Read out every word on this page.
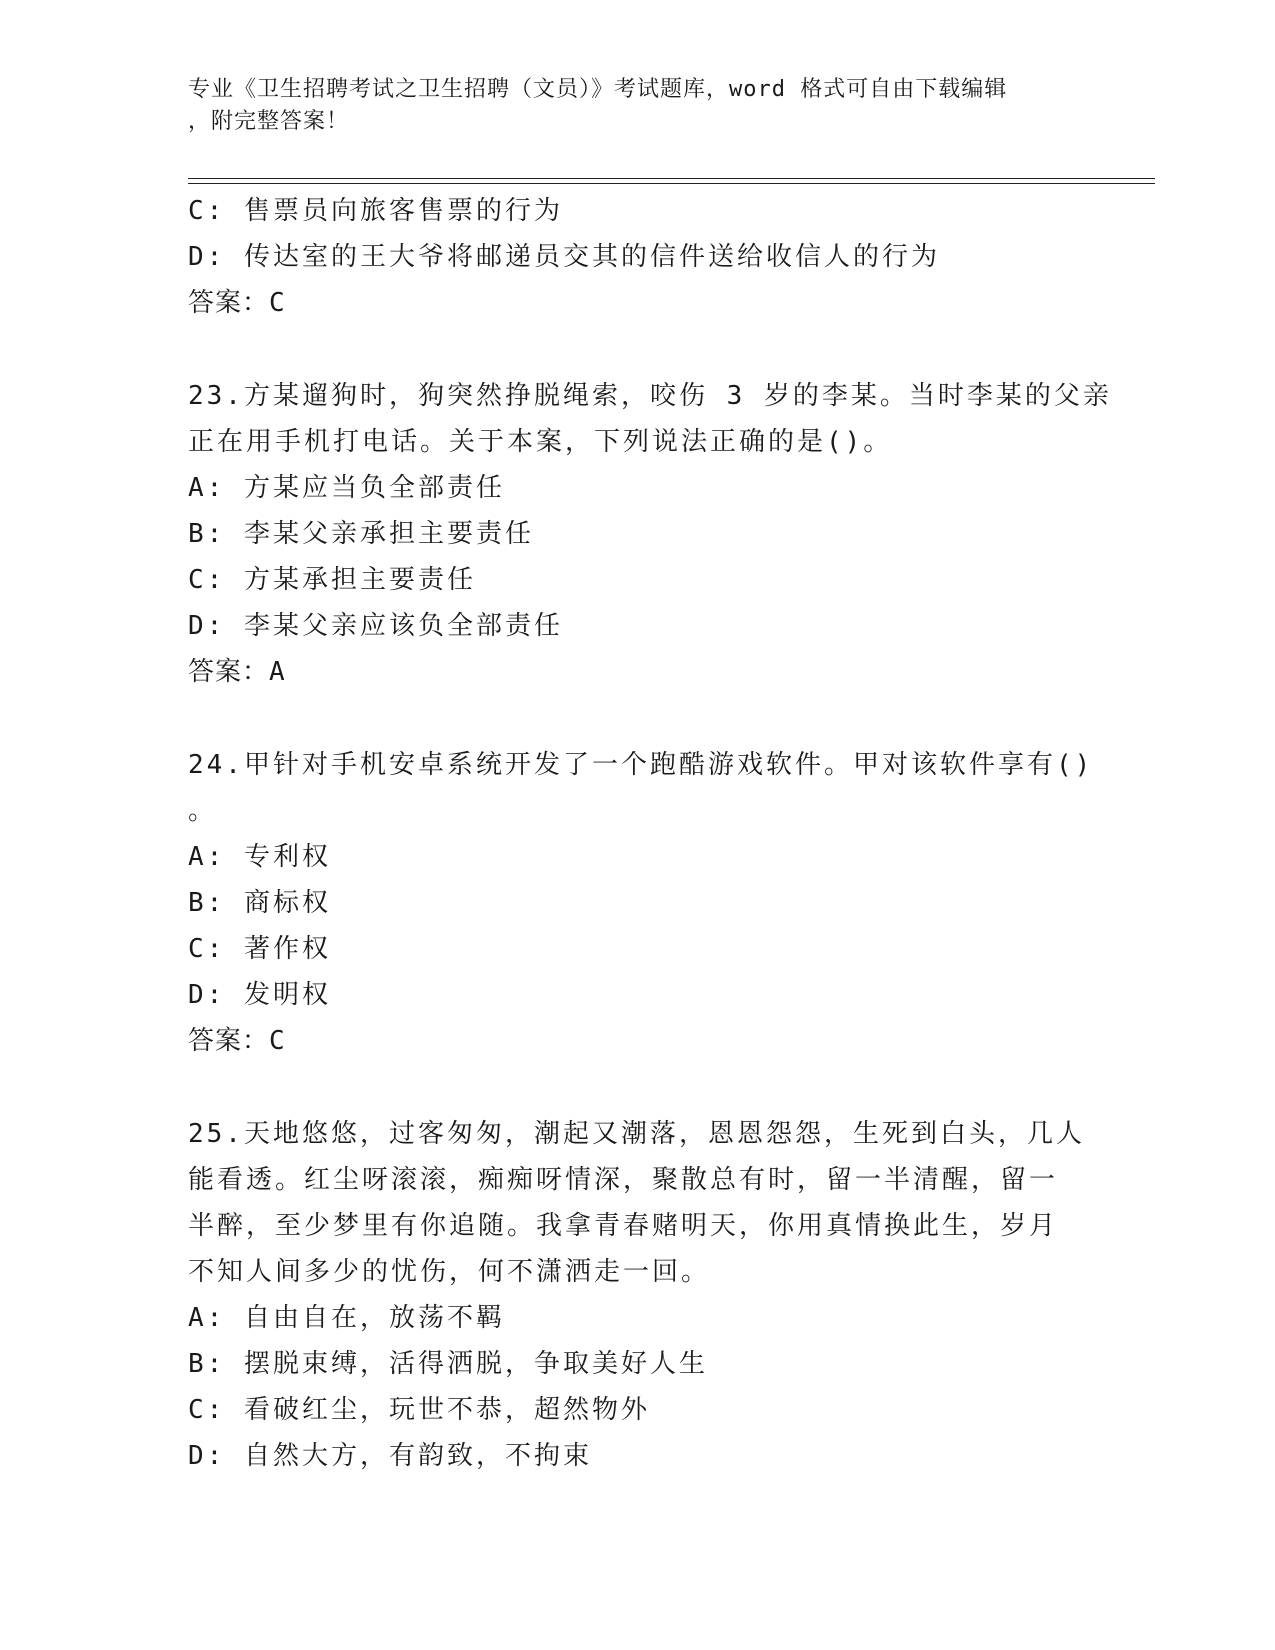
专业《卫生招聘考试之卫生招聘（文员）》考试题库，word 格式可自由下载编辑
，附完整答案！
C: 售票员向旅客售票的行为
D: 传达室的王大爷将邮递员交其的信件送给收信人的行为
答案：C
23.方某遛狗时，狗突然挣脱绳索，咬伤 3 岁的李某。当时李某的父亲
正在用手机打电话。关于本案，下列说法正确的是()。
A: 方某应当负全部责任
B: 李某父亲承担主要责任
C: 方某承担主要责任
D: 李某父亲应该负全部责任
答案：A
24.甲针对手机安卓系统开发了一个跑酷游戏软件。甲对该软件享有()
。
A: 专利权
B: 商标权
C: 著作权
D: 发明权
答案：C
25.天地悠悠，过客匆匆，潮起又潮落，恩恩怨怨，生死到白头，几人
能看透。红尘呀滚滚，痴痴呀情深，聚散总有时，留一半清醒，留一
半醉，至少梦里有你追随。我拿青春赌明天，你用真情换此生，岁月
不知人间多少的忧伤，何不潇洒走一回。
A: 自由自在，放荡不羁
B: 摆脱束缚，活得洒脱，争取美好人生
C: 看破红尘，玩世不恭，超然物外
D: 自然大方，有韵致，不拘束
